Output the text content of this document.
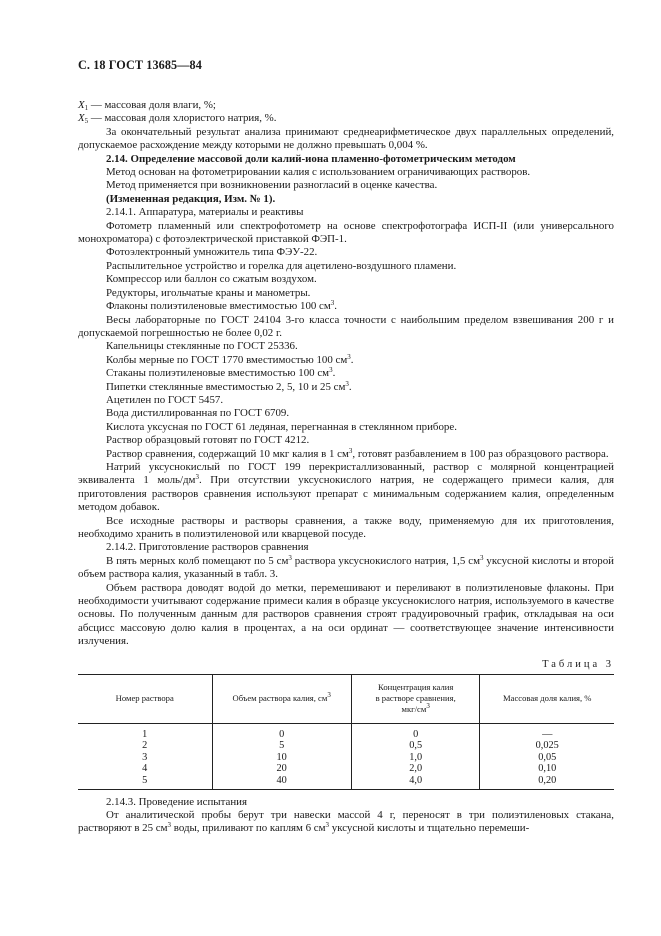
С. 18 ГОСТ 13685—84

$X_1$ — массовая доля влаги, %;

$X_5$ — массовая доля хлористого натрия, %.

За окончательный результат анализа принимают среднеарифметическое двух параллельных определений, допускаемое расхождение между которыми не должно превышать 0,004 %.

2.14. Определение массовой доли калий-иона пламенно-фотометрическим методом

Метод основан на фотометрировании калия с использованием ограничивающих растворов.

Метод применяется при возникновении разногласий в оценке качества.

(Измененная редакция, Изм. № 1).

2.14.1. Аппаратура, материалы и реактивы

Фотометр пламенный или спектрофотометр на основе спектрофотографа ИСП-II (или универсального монохроматора) с фотоэлектрической приставкой ФЭП-1.

Фотоэлектронный умножитель типа ФЭУ-22.

Распылительное устройство и горелка для ацетилено-воздушного пламени.

Компрессор или баллон со сжатым воздухом.

Редукторы, игольчатые краны и манометры.

Флаконы полиэтиленовые вместимостью 100 $см^3$.

Весы лабораторные по ГОСТ 24104 3-го класса точности с наибольшим пределом взвешивания 200 г и допускаемой погрешностью не более 0,02 г.

Капельницы стеклянные по ГОСТ 25336.

Колбы мерные по ГОСТ 1770 вместимостью 100 $см^3$.

Стаканы полиэтиленовые вместимостью 100 $см^3$.

Пипетки стеклянные вместимостью 2, 5, 10 и 25 $см^3$.

Ацетилен по ГОСТ 5457.

Вода дистиллированная по ГОСТ 6709.

Кислота уксусная по ГОСТ 61 ледяная, перегнанная в стеклянном приборе.

Раствор образцовый готовят по ГОСТ 4212.

Раствор сравнения, содержащий 10 мкг калия в 1 $см^3$, готовят разбавлением в 100 раз образцового раствора.

Натрий уксуснокислый по ГОСТ 199 перекристаллизованный, раствор с молярной концентрацией эквивалента 1 моль/$дм^3$. При отсутствии уксуснокислого натрия, не содержащего примеси калия, для приготовления растворов сравнения используют препарат с минимальным содержанием калия, определенным методом добавок.

Все исходные растворы и растворы сравнения, а также воду, применяемую для их приготовления, необходимо хранить в полиэтиленовой или кварцевой посуде.

2.14.2. Приготовление растворов сравнения

В пять мерных колб помещают по 5 $см^3$ раствора уксуснокислого натрия, 1,5 $см^3$ уксусной кислоты и второй объем раствора калия, указанный в табл. 3.

Объем раствора доводят водой до метки, перемешивают и переливают в полиэтиленовые флаконы. При необходимости учитывают содержание примеси калия в образце уксуснокислого натрия, используемого в качестве основы. По полученным данным для растворов сравнения строят градуировочный график, откладывая на оси абсцисс массовую долю калия в процентах, а на оси ординат — соответствующее значение интенсивности излучения.

Таблица 3
Номер раствора	Объем раствора калия, $см^3$	Концентрация калия
в растворе сравнения,
мкг/$см^3$	Массовая доля калия, %
1	0	0	—
2	5	0,5	0,025
3	10	1,0	0,05
4	20	2,0	0,10
5	40	4,0	0,20

2.14.3. Проведение испытания

От аналитической пробы берут три навески массой 4 г, переносят в три полиэтиленовых стакана, растворяют в 25 $см^3$ воды, приливают по каплям 6 $см^3$ уксусной кислоты и тщательно перемеши-
